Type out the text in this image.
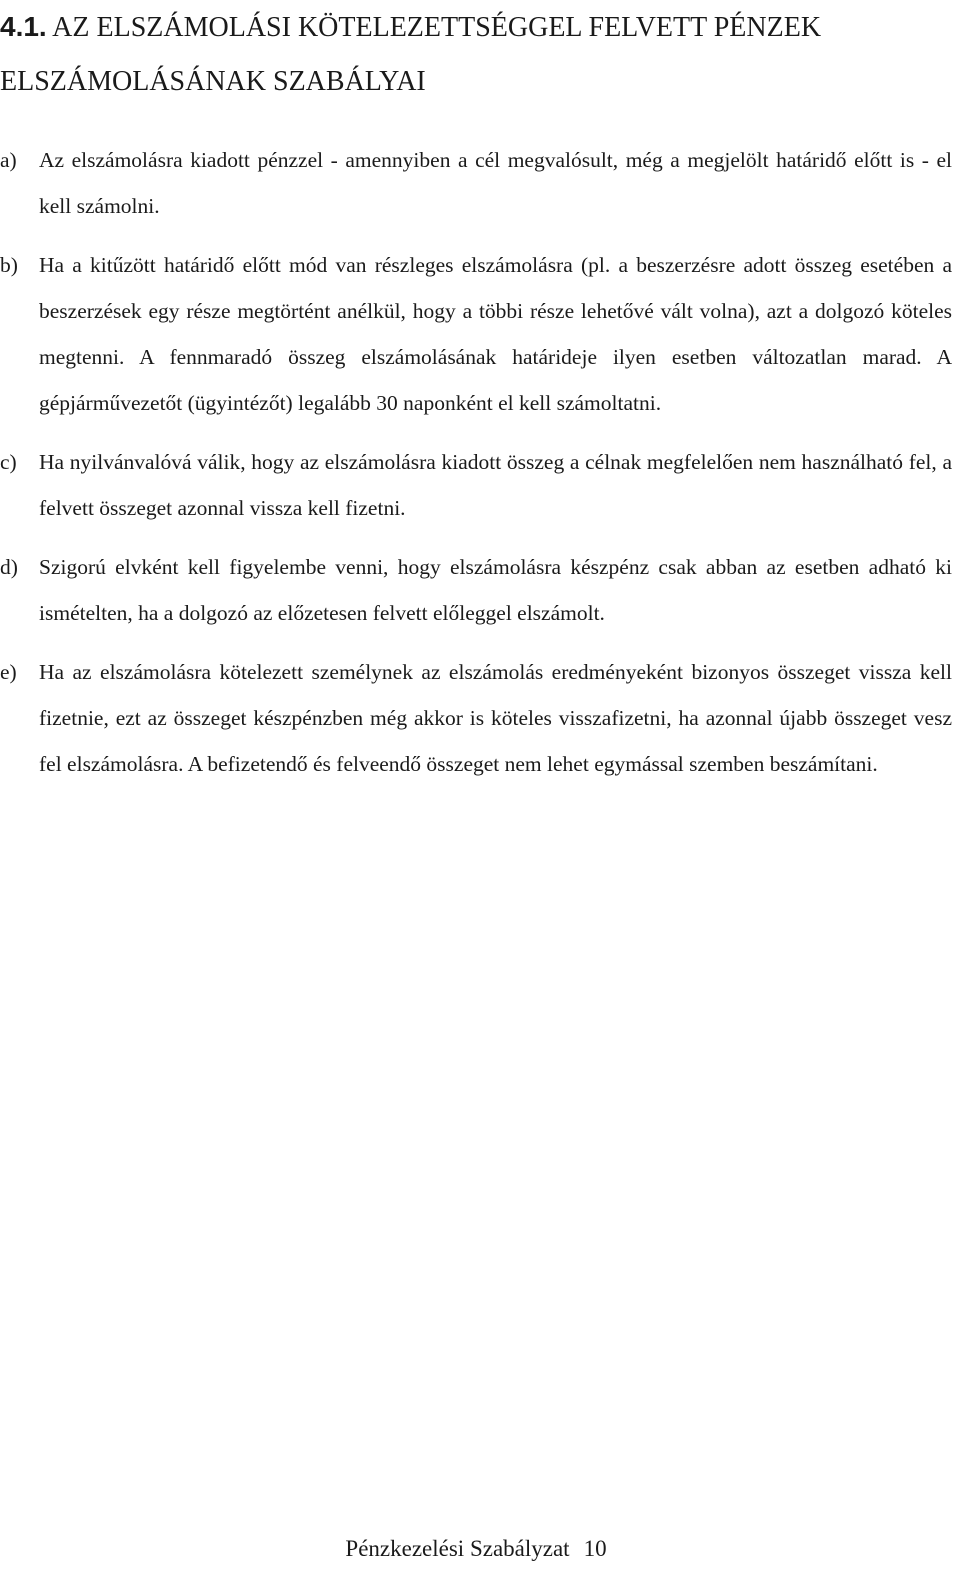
4.1. AZ ELSZÁMOLÁSI KÖTELEZETTSÉGGEL FELVETT PÉNZEK
ELSZÁMOLÁSÁNAK SZABÁLYAI
a)	Az elszámolásra kiadott pénzzel - amennyiben a cél megvalósult, még a megjelölt határidő előtt is - el kell számolni.
b) Ha a kitűzött határidő előtt mód van részleges elszámolásra (pl. a beszerzésre adott összeg esetében a beszerzések egy része megtörtént anélkül, hogy a többi része lehetővé vált volna), azt a dolgozó köteles megtenni. A fennmaradó összeg elszámolásának határideje ilyen esetben változatlan marad. A gépjárművezetőt (ügyintézőt) legalább 30 naponként el kell számoltatni.
c)	Ha nyilvánvalóvá válik, hogy az elszámolásra kiadott összeg a célnak megfelelően nem használható fel, a felvett összeget azonnal vissza kell fizetni.
d) Szigorú elvként kell figyelembe venni, hogy elszámolásra készpénz csak abban az esetben adható ki ismételten, ha a dolgozó az előzetesen felvett előleggel elszámolt.
e)	Ha az elszámolásra kötelezett személynek az elszámolás eredményeként bizonyos összeget vissza kell fizetnie, ezt az összeget készpénzben még akkor is köteles visszafizetni, ha azonnal újabb összeget vesz fel elszámolásra. A befizetendő és felveendő összeget nem lehet egymással szemben beszámítani.
Pénzkezelési Szabályzat 10
